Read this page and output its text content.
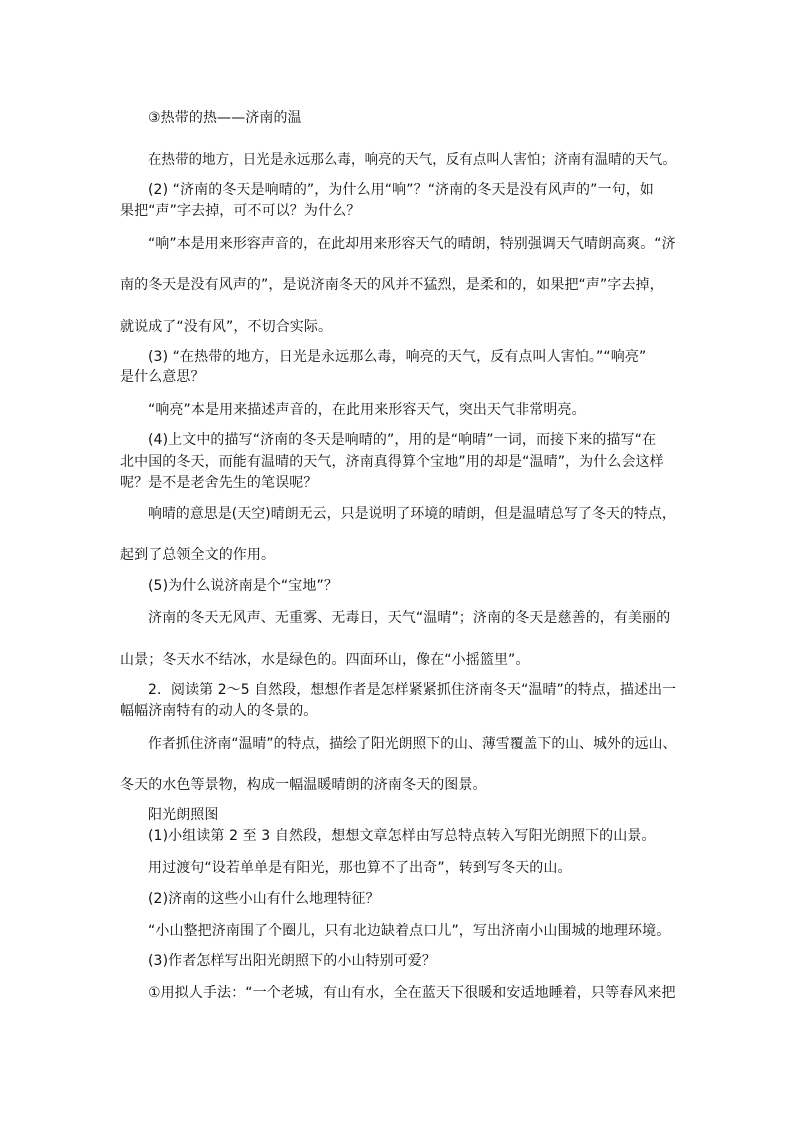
③热带的热——济南的温
在热带的地方，日光是永远那么毒，响亮的天气，反有点叫人害怕；济南有温晴的天气。
(2) “济南的冬天是响晴的”，为什么用“响”？“济南的冬天是没有风声的”一句，如
果把“声”字去掉，可不可以？为什么？
“响”本是用来形容声音的，在此却用来形容天气的晴朗，特别强调天气晴朗高爽。“济
南的冬天是没有风声的”，是说济南冬天的风并不猛烈，是柔和的，如果把“声”字去掉，
就说成了“没有风”，不切合实际。
(3) “在热带的地方，日光是永远那么毒，响亮的天气，反有点叫人害怕。”“响亮”
是什么意思？
“响亮”本是用来描述声音的，在此用来形容天气，突出天气非常明亮。
(4)上文中的描写“济南的冬天是响晴的”，用的是“响晴”一词，而接下来的描写“在
北中国的冬天，而能有温晴的天气，济南真得算个宝地”用的却是“温晴”，为什么会这样
呢？是不是老舍先生的笔误呢？
响晴的意思是(天空)晴朗无云，只是说明了环境的晴朗，但是温晴总写了冬天的特点，
起到了总领全文的作用。
(5)为什么说济南是个“宝地”？
济南的冬天无风声、无重雾、无毒日，天气“温晴”；济南的冬天是慈善的，有美丽的
山景；冬天水不结冰，水是绿色的。四面环山，像在“小摇篮里”。
2．阅读第 2～5 自然段，想想作者是怎样紧紧抓住济南冬天“温晴”的特点，描述出一
幅幅济南特有的动人的冬景的。
作者抓住济南“温晴”的特点，描绘了阳光朗照下的山、薄雪覆盖下的山、城外的远山、
冬天的水色等景物，构成一幅温暖晴朗的济南冬天的图景。
阳光朗照图
(1)小组读第 2 至 3 自然段，想想文章怎样由写总特点转入写阳光朗照下的山景。
用过渡句“设若单单是有阳光，那也算不了出奇”，转到写冬天的山。
(2)济南的这些小山有什么地理特征？
“小山整把济南围了个圈儿，只有北边缺着点口儿”，写出济南小山围城的地理环境。
(3)作者怎样写出阳光朗照下的小山特别可爱？
①用拟人手法：“一个老城，有山有水，全在蓝天下很暖和安适地睡着，只等春风来把
